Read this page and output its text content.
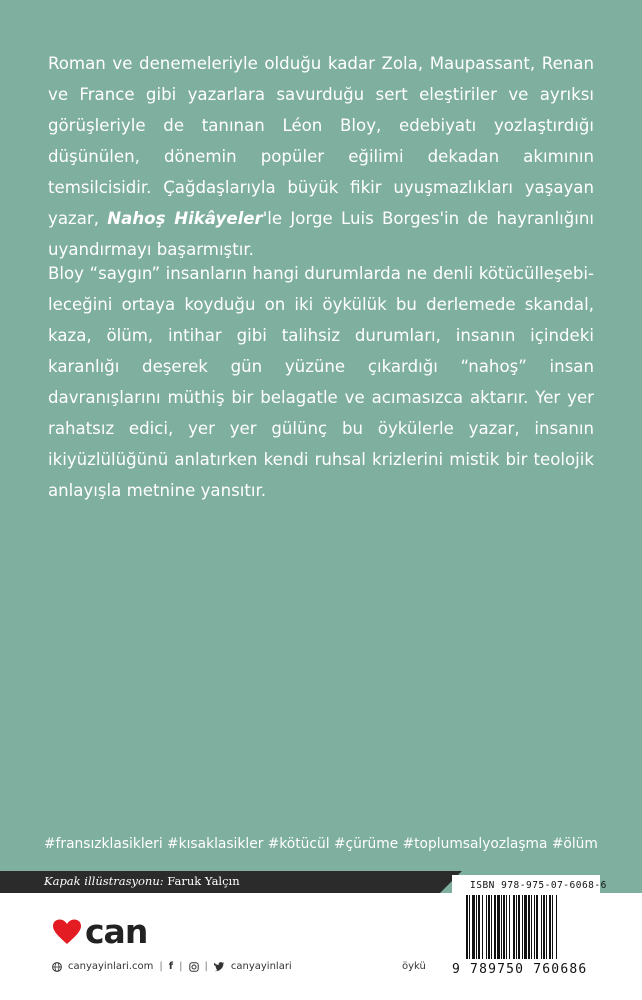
Roman ve denemeleriyle olduğu kadar Zola, Maupassant, Renan ve France gibi yazarlara savurduğu sert eleştiriler ve ayrıksı görüşleriyle de tanınan Léon Bloy, edebiyatı yozlaştırdığı düşünülen, dönemin popüler eğilimi dekadan akımının temsilcisidir. Çağdaşlarıyla büyük fikir uyuşmazlıkları yaşayan yazar, Nahoş Hikâyeler'le Jorge Luis Borges'in de hayranlığını uyandırmayı başarmıştır.

Bloy “saygın” insanların hangi durumlarda ne denli kötücülleşebileceğini ortaya koyduğu on iki öykülük bu derlemede skandal, kaza, ölüm, intihar gibi talihsiz durumları, insanın içindeki karanlığı deşerek gün yüzüne çıkardığı “nahoş” insan davranışlarını müthiş bir belagatle ve acımasızca aktarır. Yer yer rahatsız edici, yer yer gülünç bu öykülerle yazar, insanın ikiyüzlülüğünü anlatırken kendi ruhsal krizlerini mistik bir teolojik anlayışla metnine yansıtır.

#fransızklasikleri #kısaklasikler #kötücül #çürüme #toplumsalyozlaşma #ölüm
Kapak illüstrasyonu: Faruk Yalçın
can
canyayinlari.com | f | | canyayinlari	öykü
ISBN 978-975-07-6068-6
9 789750 760686
